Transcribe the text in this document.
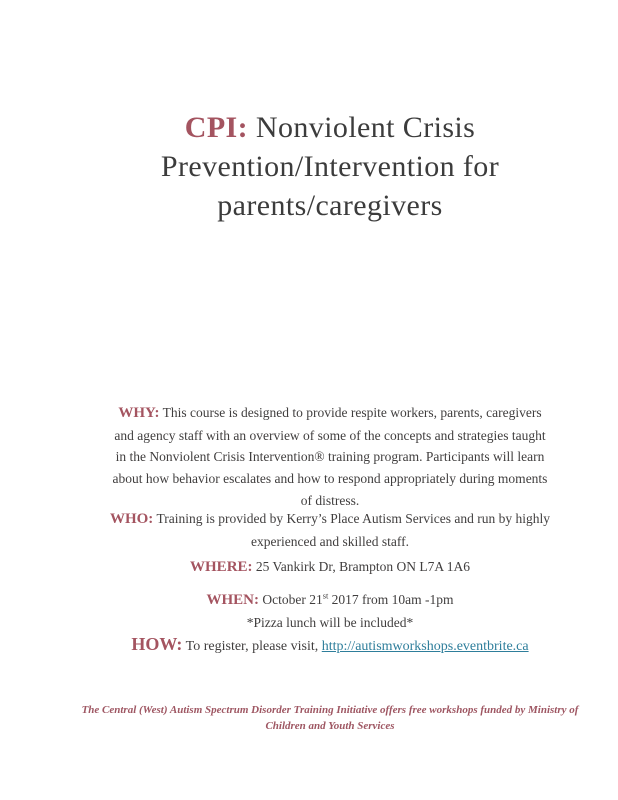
CPI: Nonviolent Crisis
Prevention/Intervention for
parents/caregivers
WHY: This course is designed to provide respite workers, parents, caregivers
and agency staff with an overview of some of the concepts and strategies taught
in the Nonviolent Crisis Intervention® training program. Participants will learn
about how behavior escalates and how to respond appropriately during moments
of distress.
WHO: Training is provided by Kerry’s Place Autism Services and run by highly
experienced and skilled staff.
WHERE: 25 Vankirk Dr, Brampton ON L7A 1A6
WHEN: October 21st 2017 from 10am -1pm
*Pizza lunch will be included*
HOW: To register, please visit, http://autismworkshops.eventbrite.ca
The Central (West) Autism Spectrum Disorder Training Initiative offers free workshops funded by Ministry of
Children and Youth Services
